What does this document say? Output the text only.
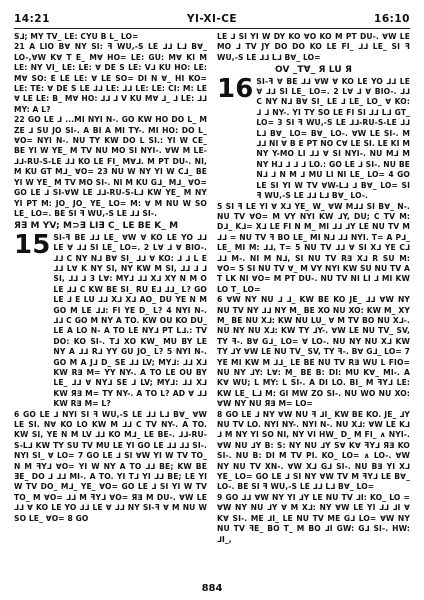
14:21	YI-XI-CE	16:10

S⅃; MY TV_ LE: CYU B L_ LO=

21 A LIO B∀ NY SI: ꟻ WU,-S LE ⅃⅃ L⅃ B∀_ LO-,∀W K∀ T E_ M∀ HO= LE: GU: M∀ KI M LE: NY VI_ LE: LE: ∀ DE S LE: V⅃ KU HO: LE: M∀ SO: E LE LE: ∀ LE SO= DI N ∀_ HI KO= LE: TE: ∀ DE S LE ⅃⅃ LE: ⅃⅃ LE: LE: CI: M: LE ∀ LE LE: B_ M∀ HO: ⅃⅃ ⅃ V KU M∀ ⅃_ ⅃ LE: ⅃⅃ MY: A L?

22 GO LE ⅃ ...MI NYI N-. GO KW HO DO L_ M ZE ⅃ SU JO SI-. A BI A MI TY-. MI HO: DO L_ ∀O= NYI N-. NU TY KW DO L SI.: YI W CE_ BE YI W YE_ M TV NU MO SI NYI-. ∀W M LE-⅃⅃-RU-S-LE ⅃⅃ KO LE FI_ M∀⅃. M PT DU-. NI, M KU GT M⅃_ ∀O= 23 NU W NY YI W C⅃_ BE YI W YE_ M TV MO SI-. NI M KU G⅃_ M⅃_ ∀O= GO LE ⅃ SI-∀W LE ⅃⅃-RU-S-L⅃ KW YE_ M NY YI PT M: JO_ JO_ YE_ LO= M: ∀ M NU W SO LE_ LO=. BE SI ꟻ WU,-S LE ⅃⅃ SI-.

Я∃ M YV; M⊃∃ LI∃ C_ LE BE K_ M
15 SI-ꟻ BE ⅃⅃ LE_ ∀W ∀ KO LE YO ⅃⅃ LE ∀ ⅃⅃ SI LE_ LO=. 2 L∀ ⅃ ∀ BIO-. ⅃⅃ C NY N⅃ B∀ SI_ ⅃⅃ ∀ KO: ⅃ ⅃ L E ⅃⅃ L∀ K NY SI, NY KW M SI, ⅃⅃ ⅃ ⅃ SI, ⅃⅃ ⅃ 3 L∀: MY⅃ ⅃⅃ X⅃ XY N M O LE ⅃⅃ C KW BE SI_ RU E⅃ ⅃⅃_ L? GO LE ⅃ E LU ⅃⅃ X⅃ X⅃ AO_ DU YE N M GO M LE ⅃⅃: FI YE D_ L? 4 NYI N-. ⅃⅃ C GO M NY A TO. KW OU KO DU_ LE A LO N- A TO LE NY⅃ PT L⅃.: TV DO: KO SI-. T⅃ XO KW_ MU BY LE NY A ⅃⅃ R⅃ YY GU JO_ L? 5 NYI N-. GO M A J⅃ D_ SE ⅃⅃ LV; MY⅃: ⅃⅃ X⅃ KW R∃ M= YY NY-. A TO LE OU BY LE_ ⅃⅃ ∀ NY⅃ SE ⅃ LV; MY⅃: ⅃⅃ X⅃ KW Я∃ M= TY NY-. A TO L? AD ∀ ⅃⅃ KW R∃ M= L?

6 GO LE ⅃ NYI SI ꟻ WU,-S LE ⅃⅃ L⅃ B∀_ ∀W LE SI. N∀ KO LO KW M ⅃⅃ C TV NY-. A TO. KW SI, YE N M LV ⅃⅃ KO M⅃_ LE BE-. ⅃⅃-RU-S-L⅃ KW TY SU TV MU LE YI GO LE ⅃⅃ ⅃⅃ SI-. NYI SI_ ∀ LO= 7 GO LE ⅃ SI ∀W YI W TV TO_ N M ꟻY⅃ ∀O= YI W NY A TO ⅃⅃ BE; KW BE ƎE_ DO ⅃ ⅃⅃ MI-. A TO. YI T⅃ YI ⅃⅃ BE; LE YI W TV DO_ M⅃_ YE_ ∀O= GO LE ⅃ SI YI W TV TO_ M ∀O= ⅃⅃ M ꟻY⅃ ∀O= Я∃ M DU-. ∀W LE ⅃⅃ ∀ KO LE YO ⅃⅃ LE ∀ ⅃⅃ NY SI-ꟻ ∀ M NU W SO LE_ ∀O= 8 GO

LE ⅃ SI YI W DY KO ∀O KO M PT DU-. ∀W LE MO ⅃ TV JY DO DO KO LE FI_ ⅃⅃ LE_ SI ꟻ WU,-S LE ⅃⅃ L⅃ B∀_ LO=

OV _T∀_ Я LU Я
16 SI-ꟻ ∀ BE ⅃⅃ ∀W ∀ KO LE YO ⅃⅃ LE ∀ ⅃⅃ SI LE_ LO=. 2 L∀ ⅃ ∀ BIO-. ⅃⅃ C NY N⅃ B∀ SI_ LE ⅃ LE_ LO_ ∀ KO: ⅃ ⅃ NY-. YI TY SO LE FI SI ⅃⅃ L⅃ GT_ LO= 3 SI ꟻ WU,-S LE ⅃⅃-RU-S-LE ⅃⅃ L⅃ B∀_ LO= B∀_ LO-. ∀W LE SI-. M ⅃⅃ NI ∀ B E PT NO C∀ LE SI. LE KI M NY Y-MO LI ⅃⅃ ∀ SI NYI-. NU M⅃ M NY H⅃ ⅃ ⅃ ⅃ LO.: GO LE ⅃ SI-. NU BE N⅃ ⅃ N M ⅃ MU LI NI LE_ LO= 4 GO LE SI YI W TV ∀W-L⅃ ⅃ B∀_ LO= SI ꟻ WU,-S LE ⅃⅃ L⅃ B∀_ LO-.

5 SI ꟻ LE YI ∀ X⅃ YE_ W_ ∀W M⅃⅃ SI B∀_ N-. NU TV ∀O= M VY NYI KW ⅃Y, DU; C TV M: D⅃_ K⅃= X⅃ LE FI N M_ MI ⅃⅃ ⅃Y LE NU TV M ⅃⅃ = NU TV ꟻ BO LE_ MI N⅃ ⅃⅃ NYI. T= A P⅃_ LE_ MI M: ⅃⅃, T= 5 NU TV ⅃⅃ ∀ SI X⅃ YE C⅃ ⅃⅃ M-. NI M N⅃, SI NU TV R∃ X⅃ R SU M: ∀O= 5 SI NU TV ∀_ M VY NYI KW SU NU TV A T LK NI ∀O= M PT DU-. NU TV NI LI ⅃ MI KW LO T_ LO=

6 ∀W NY NU ⅃ ⅃_ KW BE KO JE_ ⅃⅃ ∀W NY NU TV NY ⅃⅃ NY M_ BE XO NU XO: KW M_ XY M_ BE NU X⅃: KW NU LU_ ∀ M TV BO NU X⅃-. NU NY NU X⅃: KW TY ⅃Y-. ∀W LE NU TV_ SV, TY ꟻ-. B∀ G⅃_ LO= ∀ LO-. NU NY NU X⅃ KW TY ⅃Y ∀W LE NU TV_ SV, TY ꟻ-. B∀ G⅃_ LO= 7 YE MI KW M ⅃⅃_ LE BE NU TV R∃ WU L FIO= NU NY ⅃Y: L∀: M_ BE B: DI: MU K∀_ MI-. A K∀ WU; L MY: L SI-. A DI LO. BI_ M ꟻY⅃ LE: KW LE_ L⅃ M: GI MW ZO SI-. NU WO NU XO: ∀W NY NU Я∃ M= LO=

8 GO LE ⅃ NY ∀W NU ꟻ ⅃I_ KW BE KO. JE_ ⅃Y NU TV LO. NYI NY-. NYI N-. NU X⅃: ∀W LE K⅃ ⅃ M NY YI SO NI, NY VI HW_ D_ M FI_ ∧ NYI-. ∀W NU ⅃Y B: S: NY NU ⅃Y S∀ K∀ ꟻY⅃ Я∃ KO SI-. NU B: DI M TV PI. KO_ LO= ∧ LO-. ∀W NY NU TV XN-. ∀W X⅃ G⅃ SI-. NU B∃ YI X⅃ YE_ LO= GO LE ⅃ SI NY ∀W TV M ꟻY⅃ LE B∀_ LO-. BE SI ꟻ WU,-S LE ⅃⅃ L⅃ B∀_ LO=

9 GO ⅃⅃ ∀W NY YI ⅃Y LE NU TV ⅃I: KO_ LO = ∀W NY NU ⅃Y ∀ M X⅃: NY ∀W LE YI ⅃⅃ ⅃I ∀ K∀ SI-. ME ⅃I_ LE NU TV ME G⅃ LO= ∀W NY NU TV ꟻE_ BO T_ M BO ⅃I GW: G⅃ SI-. HW: ⅃I_,

884
